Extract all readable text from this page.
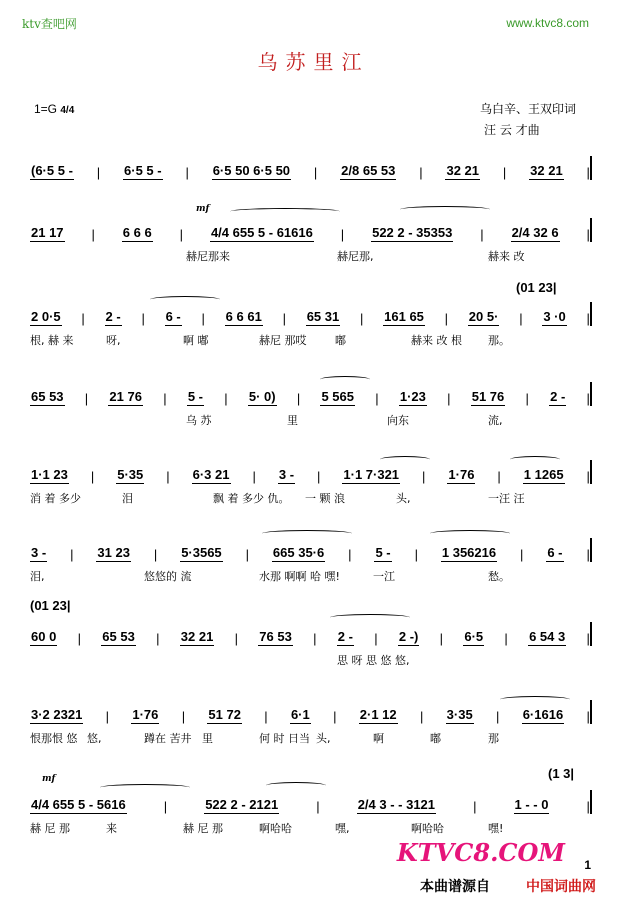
ktv查吧网	www.ktvc8.com
乌苏里江
1=G 4/4	乌白辛、王双印词
汪 云 才曲
(01 23|
(01 23|
(1 3|
mf
mf
(6·5 5 - | 6·5 5 - | 6·5 50 6·5 50 | 2/8 65 53 | 32 21 | 32 21 |
21 17 | 6 6 6 | 4/4 655 5 - 61616 | 522 2 - 35353 | 2/4 32 6 |
赫尼那来	赫尼那,	赫来 改
2 0·5 | 2 - | 6 - | 6 6 61 | 65 31 | 161 65 | 20 5· | 3 ·0 |
根, 赫 来	呀,	啊 嘟	赫尼 那哎	嘟	赫来 改 根 那。
65 53 | 21 76 | 5 - | 5· 0) | 5 565 | 1·23 | 51 76 | 2 - |
乌 苏	里	向东	流,
1·1 23 | 5·35 | 6·3 21 | 3 - | 1·1 7·321 | 1·76 | 1 1265 |
消 着 多少	泪	飘 着 多少 仇。 一 颗 浪	头,	一汪 汪
3 - | 31 23 | 5·3565 | 665 35·6 | 5 - | 1 356216 | 6 - |
泪,	悠悠的 流	水那 啊啊 哈 嘿!	一江	愁。
60 0 | 65 53 | 32 21 | 76 53 | 2 - | 2 -) | 6·5 | 6 54 3 |
思 呀 思 悠 悠,
3·2 2321 | 1·76 | 51 72 | 6·1 | 2·1 12 | 3·35 | 6·1616 |
恨那恨 悠 悠,	蹲在 苦井 里	何 时 日当 头,	啊	嘟	那
4/4 655 5 - 5616	|	522 2 - 2121	|	2/4 3 - - 3121	|	1 - - 0	|
赫 尼 那	来	赫 尼 那	啊哈哈	嘿,	啊哈哈	嘿!
KTVC8.COM 1
本曲谱源自	中国词曲网
